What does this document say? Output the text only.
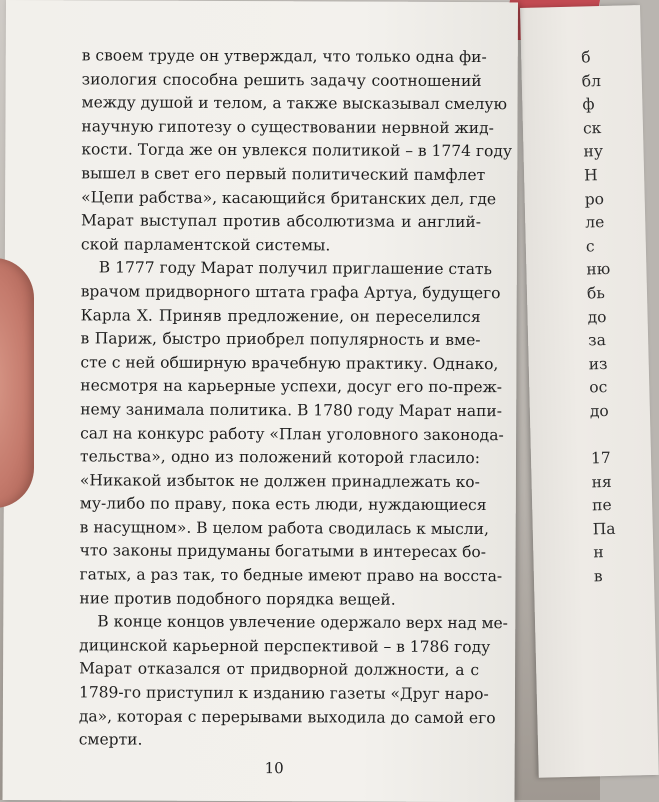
б
бл
ф
ск
ну
Н
ро
ле
с
ню
бь
до
за
из
ос
до

17
ня
пе
Па
н
в

в своем труде он утверждал, что только одна фи-
зиология способна решить задачу соотношений
между душой и телом, а также высказывал смелую
научную гипотезу о существовании нервной жид-
кости. Тогда же он увлекся политикой – в 1774 году
вышел в свет его первый политический памфлет
«Цепи рабства», касающийся британских дел, где
Марат выступал против абсолютизма и англий-
ской парламентской системы.

В 1777 году Марат получил приглашение стать
врачом придворного штата графа Артуа, будущего
Карла X. Приняв предложение, он переселился
в Париж, быстро приобрел популярность и вме-
сте с ней обширную врачебную практику. Однако,
несмотря на карьерные успехи, досуг его по-преж-
нему занимала политика. В 1780 году Марат напи-
сал на конкурс работу «План уголовного законода-
тельства», одно из положений которой гласило:
«Никакой избыток не должен принадлежать ко-
му-либо по праву, пока есть люди, нуждающиеся
в насущном». В целом работа сводилась к мысли,
что законы придуманы богатыми в интересах бо-
гатых, а раз так, то бедные имеют право на восста-
ние против подобного порядка вещей.

В конце концов увлечение одержало верх над ме-
дицинской карьерной перспективой – в 1786 году
Марат отказался от придворной должности, а с
1789-го приступил к изданию газеты «Друг наро-
да», которая с перерывами выходила до самой его
смерти.

10
